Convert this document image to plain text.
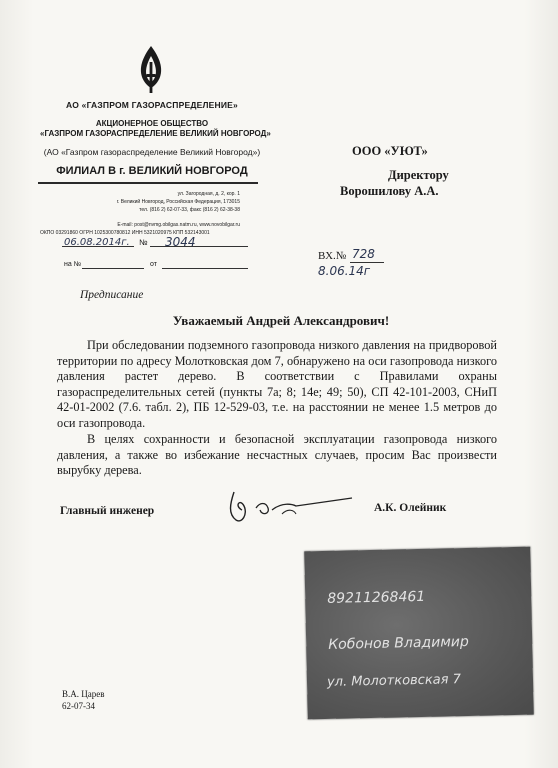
АО «ГАЗПРОМ ГАЗОРАСПРЕДЕЛЕНИЕ»
АКЦИОНЕРНОЕ ОБЩЕСТВО
«ГАЗПРОМ ГАЗОРАСПРЕДЕЛЕНИЕ ВЕЛИКИЙ НОВГОРОД»
(АО «Газпром газораспределение Великий Новгород»)
ФИЛИАЛ В г. ВЕЛИКИЙ НОВГОРОД
ул. Загородная, д. 2, кор. 1
г. Великий Новгород, Российская Федерация, 173015
тел. (816 2) 62-07-33, факс (816 2) 62-38-38
E-mail: post@nvmg.obilgas.natm.ru, www.novobilgar.ru
ОКПО 03291860 ОГРН 1025300780812 ИНН 5321020975 КПП 532143001
06.08.2014г. № 3044
на №	от
ООО «УЮТ»
Директору
Ворошилову А.А.
ВХ.№ 728
8.06.14г
Предписание
Уважаемый Андрей Александрович!
При обследовании подземного газопровода низкого давления на придворовой территории по адресу Молотковская дом 7, обнаружено на оси газопровода низкого давления растет дерево. В соответствии с Правилами охраны газораспределительных сетей (пункты 7а; 8; 14е; 49; 50), СП 42-101-2003, СНиП 42-01-2002 (7.6. табл. 2), ПБ 12-529-03, т.е. на расстоянии не менее 1.5 метров до оси газопровода.
В целях сохранности и безопасной эксплуатации газопровода низкого давления, а также во избежание несчастных случаев, просим Вас произвести вырубку дерева.
Главный инженер	А.К. Олейник
89211268461
Кобонов Владимир
ул. Молотковская 7
В.А. Царев
62-07-34
